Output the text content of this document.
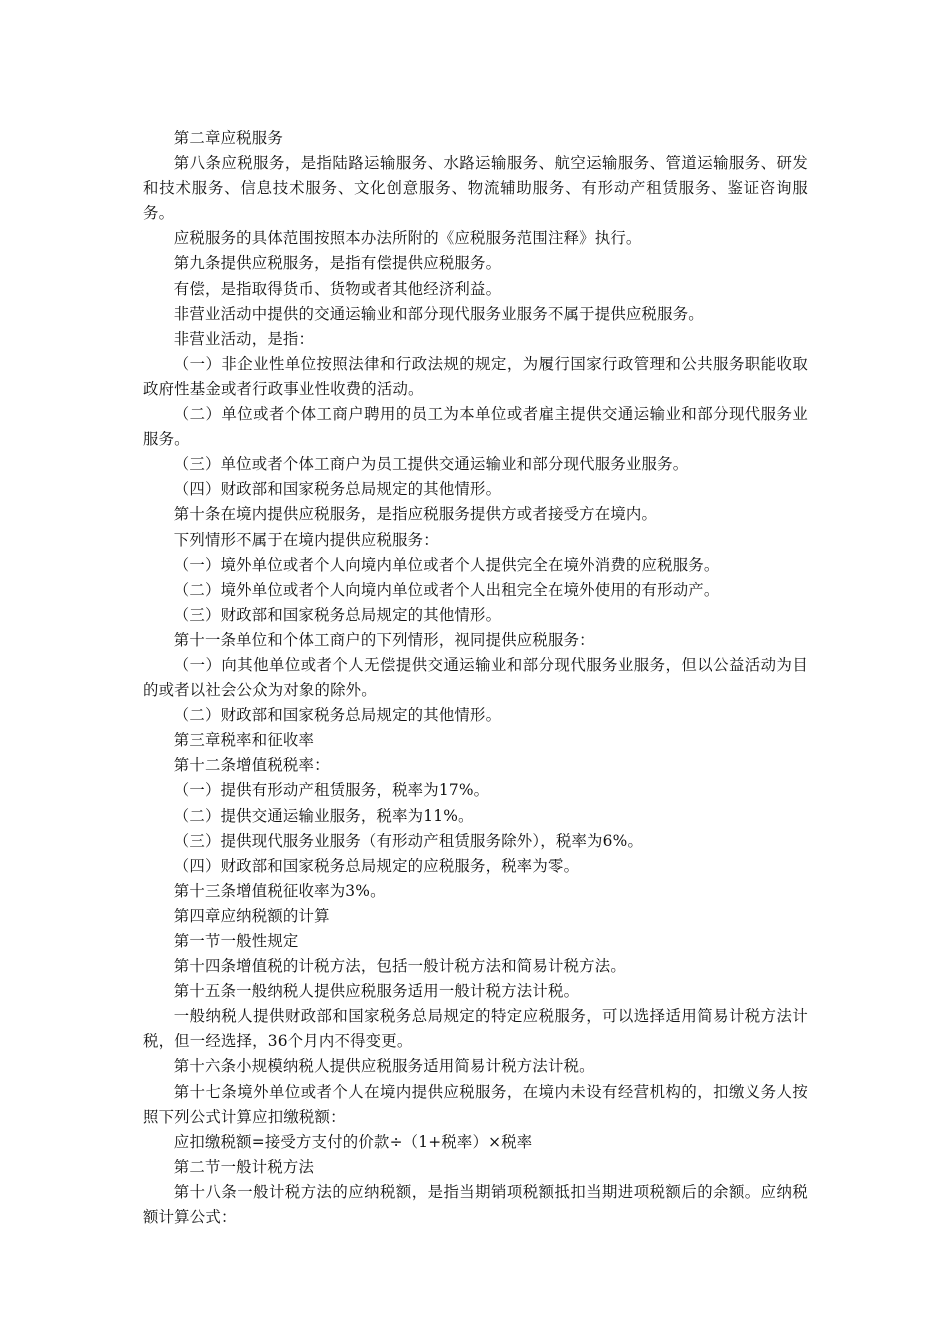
第二章应税服务

第八条应税服务，是指陆路运输服务、水路运输服务、航空运输服务、管道运输服务、研发和技术服务、信息技术服务、文化创意服务、物流辅助服务、有形动产租赁服务、鉴证咨询服务。

应税服务的具体范围按照本办法所附的《应税服务范围注释》执行。

第九条提供应税服务，是指有偿提供应税服务。

有偿，是指取得货币、货物或者其他经济利益。

非营业活动中提供的交通运输业和部分现代服务业服务不属于提供应税服务。

非营业活动，是指：

（一）非企业性单位按照法律和行政法规的规定，为履行国家行政管理和公共服务职能收取政府性基金或者行政事业性收费的活动。

（二）单位或者个体工商户聘用的员工为本单位或者雇主提供交通运输业和部分现代服务业服务。

（三）单位或者个体工商户为员工提供交通运输业和部分现代服务业服务。

（四）财政部和国家税务总局规定的其他情形。

第十条在境内提供应税服务，是指应税服务提供方或者接受方在境内。

下列情形不属于在境内提供应税服务：

（一）境外单位或者个人向境内单位或者个人提供完全在境外消费的应税服务。

（二）境外单位或者个人向境内单位或者个人出租完全在境外使用的有形动产。

（三）财政部和国家税务总局规定的其他情形。

第十一条单位和个体工商户的下列情形，视同提供应税服务：

（一）向其他单位或者个人无偿提供交通运输业和部分现代服务业服务，但以公益活动为目的或者以社会公众为对象的除外。

（二）财政部和国家税务总局规定的其他情形。

第三章税率和征收率

第十二条增值税税率：

（一）提供有形动产租赁服务，税率为17%。

（二）提供交通运输业服务，税率为11%。

（三）提供现代服务业服务（有形动产租赁服务除外），税率为6%。

（四）财政部和国家税务总局规定的应税服务，税率为零。

第十三条增值税征收率为3%。

第四章应纳税额的计算

第一节一般性规定

第十四条增值税的计税方法，包括一般计税方法和简易计税方法。

第十五条一般纳税人提供应税服务适用一般计税方法计税。

一般纳税人提供财政部和国家税务总局规定的特定应税服务，可以选择适用简易计税方法计税，但一经选择，36个月内不得变更。

第十六条小规模纳税人提供应税服务适用简易计税方法计税。

第十七条境外单位或者个人在境内提供应税服务，在境内未设有经营机构的，扣缴义务人按照下列公式计算应扣缴税额：

应扣缴税额=接受方支付的价款÷（1+税率）×税率

第二节一般计税方法

第十八条一般计税方法的应纳税额，是指当期销项税额抵扣当期进项税额后的余额。应纳税额计算公式：
